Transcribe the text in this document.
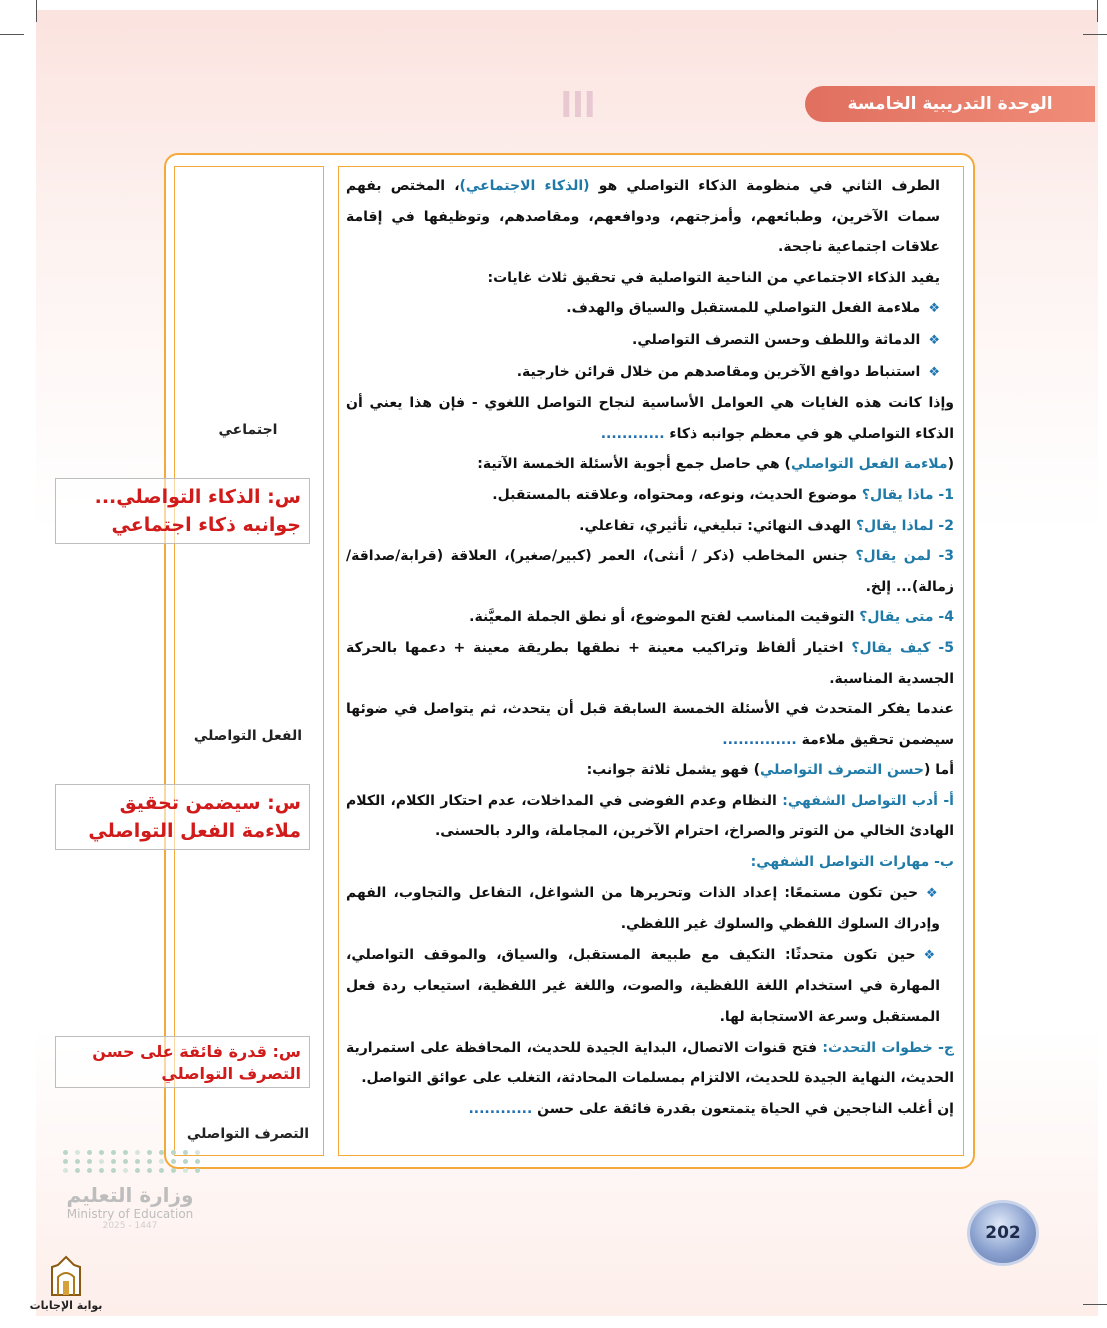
ااا	الوحدة التدريبية الخامسة

الطرف الثاني في منظومة الذكاء التواصلي هو (الذكاء الاجتماعي)، المختص بفهم سمات الآخرين، وطبائعهم، وأمزجتهم، ودوافعهم، ومقاصدهم، وتوظيفها في إقامة علاقات اجتماعية ناجحة.

يفيد الذكاء الاجتماعي من الناحية التواصلية في تحقيق ثلاث غايات:

❖ملاءمة الفعل التواصلي للمستقبل والسياق والهدف.

❖الدماثة واللطف وحسن التصرف التواصلي.

❖استنباط دوافع الآخرين ومقاصدهم من خلال قرائن خارجية.

وإذا كانت هذه الغايات هي العوامل الأساسية لنجاح التواصل اللغوي - فإن هذا يعني أن الذكاء التواصلي هو في معظم جوانبه ذكاء ............

(ملاءمة الفعل التواصلي) هي حاصل جمع أجوبة الأسئلة الخمسة الآتية:

1- ماذا يقال؟ موضوع الحديث، ونوعه، ومحتواه، وعلاقته بالمستقبل.

2- لماذا يقال؟ الهدف النهائي: تبليغي، تأثيري، تفاعلي.

3- لمن يقال؟ جنس المخاطب (ذكر / أنثى)، العمر (كبير/صغير)، العلاقة (قرابة/صداقة/زمالة)... إلخ.

4- متى يقال؟ التوقيت المناسب لفتح الموضوع، أو نطق الجملة المعيَّنة.

5- كيف يقال؟ اختيار ألفاظ وتراكيب معينة + نطقها بطريقة معينة + دعمها بالحركة الجسدية المناسبة.

عندما يفكر المتحدث في الأسئلة الخمسة السابقة قبل أن يتحدث، ثم يتواصل في ضوئها سيضمن تحقيق ملاءمة ..............

أما (حسن التصرف التواصلي) فهو يشمل ثلاثة جوانب:

أ- أدب التواصل الشفهي: النظام وعدم الفوضى في المداخلات، عدم احتكار الكلام، الكلام الهادئ الخالي من التوتر والصراخ، احترام الآخرين، المجاملة، والرد بالحسنى.

ب- مهارات التواصل الشفهي:

❖حين تكون مستمعًا: إعداد الذات وتحريرها من الشواغل، التفاعل والتجاوب، الفهم وإدراك السلوك اللفظي والسلوك غير اللفظي.

❖حين تكون متحدثًا: التكيف مع طبيعة المستقبل، والسياق، والموقف التواصلي، المهارة في استخدام اللغة اللفظية، والصوت، واللغة غير اللفظية، استيعاب ردة فعل المستقبل وسرعة الاستجابة لها.

ج- خطوات التحدث: فتح قنوات الاتصال، البداية الجيدة للحديث، المحافظة على استمرارية الحديث، النهاية الجيدة للحديث، الالتزام بمسلمات المحادثة، التغلب على عوائق التواصل.

إن أغلب الناجحين في الحياة يتمتعون بقدرة فائقة على حسن ............

اجتماعي
الفعل التواصلي
التصرف التواصلي
س: الذكاء التواصلي... جوانبه ذكاء اجتماعي
س: سيضمن تحقيق ملاءمة الفعل التواصلي
س: قدرة فائقة على حسن التصرف التواصلي
وزارة التعليم
Ministry of Education
2025 - 1447	202
بوابة الإجابات
